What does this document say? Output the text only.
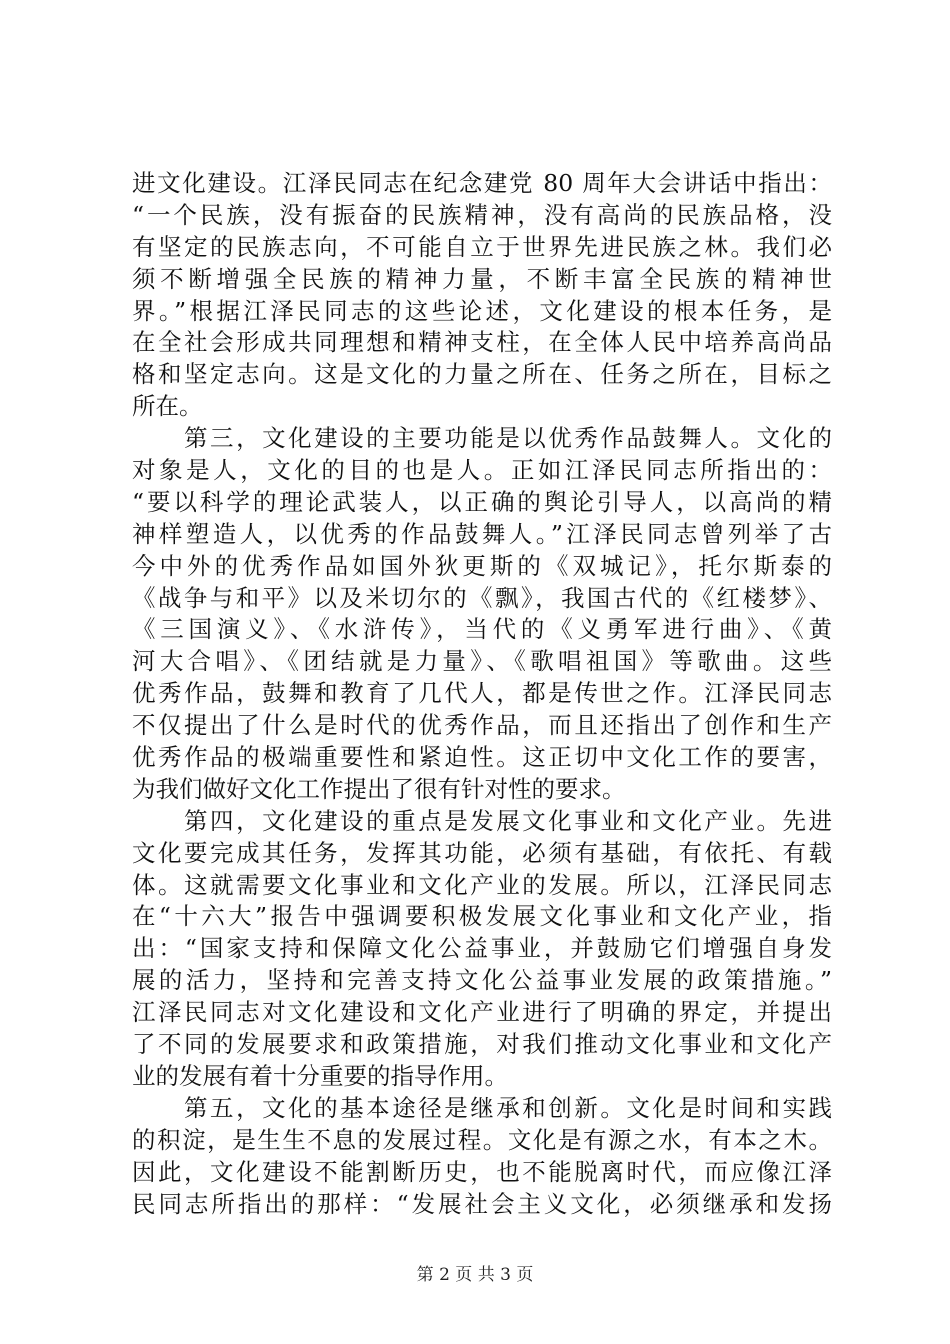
进文化建设。江泽民同志在纪念建党 80 周年大会讲话中指出：
“一个民族，没有振奋的民族精神，没有高尚的民族品格，没
有坚定的民族志向，不可能自立于世界先进民族之林。我们必
须不断增强全民族的精神力量，不断丰富全民族的精神世
界。”根据江泽民同志的这些论述，文化建设的根本任务，是
在全社会形成共同理想和精神支柱，在全体人民中培养高尚品
格和坚定志向。这是文化的力量之所在、任务之所在，目标之
所在。
　　第三，文化建设的主要功能是以优秀作品鼓舞人。文化的
对象是人，文化的目的也是人。正如江泽民同志所指出的：
“要以科学的理论武装人，以正确的舆论引导人，以高尚的精
神样塑造人，以优秀的作品鼓舞人。”江泽民同志曾列举了古
今中外的优秀作品如国外狄更斯的《双城记》，托尔斯泰的
《战争与和平》以及米切尔的《飘》，我国古代的《红楼梦》、
《三国演义》、《水浒传》，当代的《义勇军进行曲》、《黄
河大合唱》、《团结就是力量》、《歌唱祖国》等歌曲。这些
优秀作品，鼓舞和教育了几代人，都是传世之作。江泽民同志
不仅提出了什么是时代的优秀作品，而且还指出了创作和生产
优秀作品的极端重要性和紧迫性。这正切中文化工作的要害，
为我们做好文化工作提出了很有针对性的要求。
　　第四，文化建设的重点是发展文化事业和文化产业。先进
文化要完成其任务，发挥其功能，必须有基础，有依托、有载
体。这就需要文化事业和文化产业的发展。所以，江泽民同志
在“十六大”报告中强调要积极发展文化事业和文化产业，指
出：“国家支持和保障文化公益事业，并鼓励它们增强自身发
展的活力，坚持和完善支持文化公益事业发展的政策措施。”
江泽民同志对文化建设和文化产业进行了明确的界定，并提出
了不同的发展要求和政策措施，对我们推动文化事业和文化产
业的发展有着十分重要的指导作用。
　　第五，文化的基本途径是继承和创新。文化是时间和实践
的积淀，是生生不息的发展过程。文化是有源之水，有本之木。
因此，文化建设不能割断历史，也不能脱离时代，而应像江泽
民同志所指出的那样：“发展社会主义文化，必须继承和发扬
第 2 页 共 3 页
